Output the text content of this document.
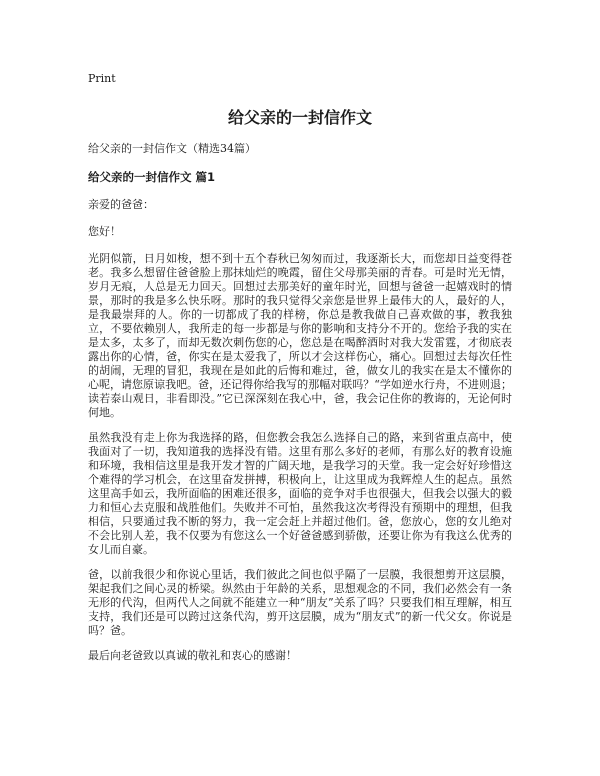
Print

给父亲的一封信作文

给父亲的一封信作文（精选34篇）

给父亲的一封信作文 篇1

亲爱的爸爸：

您好！

光阴似箭，日月如梭，想不到十五个春秋已匆匆而过，我逐渐长大，而您却日益变得苍老。我多么想留住爸爸脸上那抹灿烂的晚霞，留住父母那美丽的青春。可是时光无情，岁月无痕，人总是无力回天。回想过去那美好的童年时光，回想与爸爸一起嬉戏时的情景，那时的我是多么快乐呀。那时的我只觉得父亲您是世界上最伟大的人，最好的人，是我最崇拜的人。你的一切都成了我的样榜，你总是教我做自己喜欢做的事，教我独立，不要依赖别人，我所走的每一步都是与你的影响和支持分不开的。您给予我的实在是太多，太多了，而却无数次刺伤您的心，您总是在喝醉酒时对我大发雷霆，才彻底表露出你的心情，爸，你实在是太爱我了，所以才会这样伤心，痛心。回想过去每次任性的胡闹，无理的冒犯，我现在是如此的后悔和难过，爸，做女儿的我实在是太不懂你的心呢，请您原谅我吧。爸，还记得你给我写的那幅对联吗？“学如逆水行舟，不进则退；读若泰山观日，非看即没。”它已深深刻在我心中，爸，我会记住你的教诲的，无论何时何地。

虽然我没有走上你为我选择的路，但您教会我怎么选择自己的路，来到省重点高中，使我面对了一切，我知道我的选择没有错。这里有那么多好的老师，有那么好的教育设施和环境，我相信这里是我开发才智的广阔天地，是我学习的天堂。我一定会好好珍惜这个难得的学习机会，在这里奋发拼搏，积极向上，让这里成为我辉煌人生的起点。虽然这里高手如云，我所面临的困难还很多，面临的竞争对手也很强大，但我会以强大的毅力和恒心去克服和战胜他们。失败并不可怕，虽然我这次考得没有预期中的理想，但我相信，只要通过我不断的努力，我一定会赶上并超过他们。爸，您放心，您的女儿绝对不会比别人差，我不仅要为有您这么一个好爸爸感到骄傲，还要让你为有我这么优秀的女儿而自豪。

爸，以前我很少和你说心里话，我们彼此之间也似乎隔了一层膜，我很想剪开这层膜，架起我们之间心灵的桥梁。纵然由于年龄的关系，思想观念的不同，我们必然会有一条无形的代沟，但两代人之间就不能建立一种“朋友”关系了吗？只要我们相互理解，相互支持，我们还是可以跨过这条代沟，剪开这层膜，成为“朋友式”的新一代父女。你说是吗？爸。

最后向老爸致以真诚的敬礼和衷心的感谢！
